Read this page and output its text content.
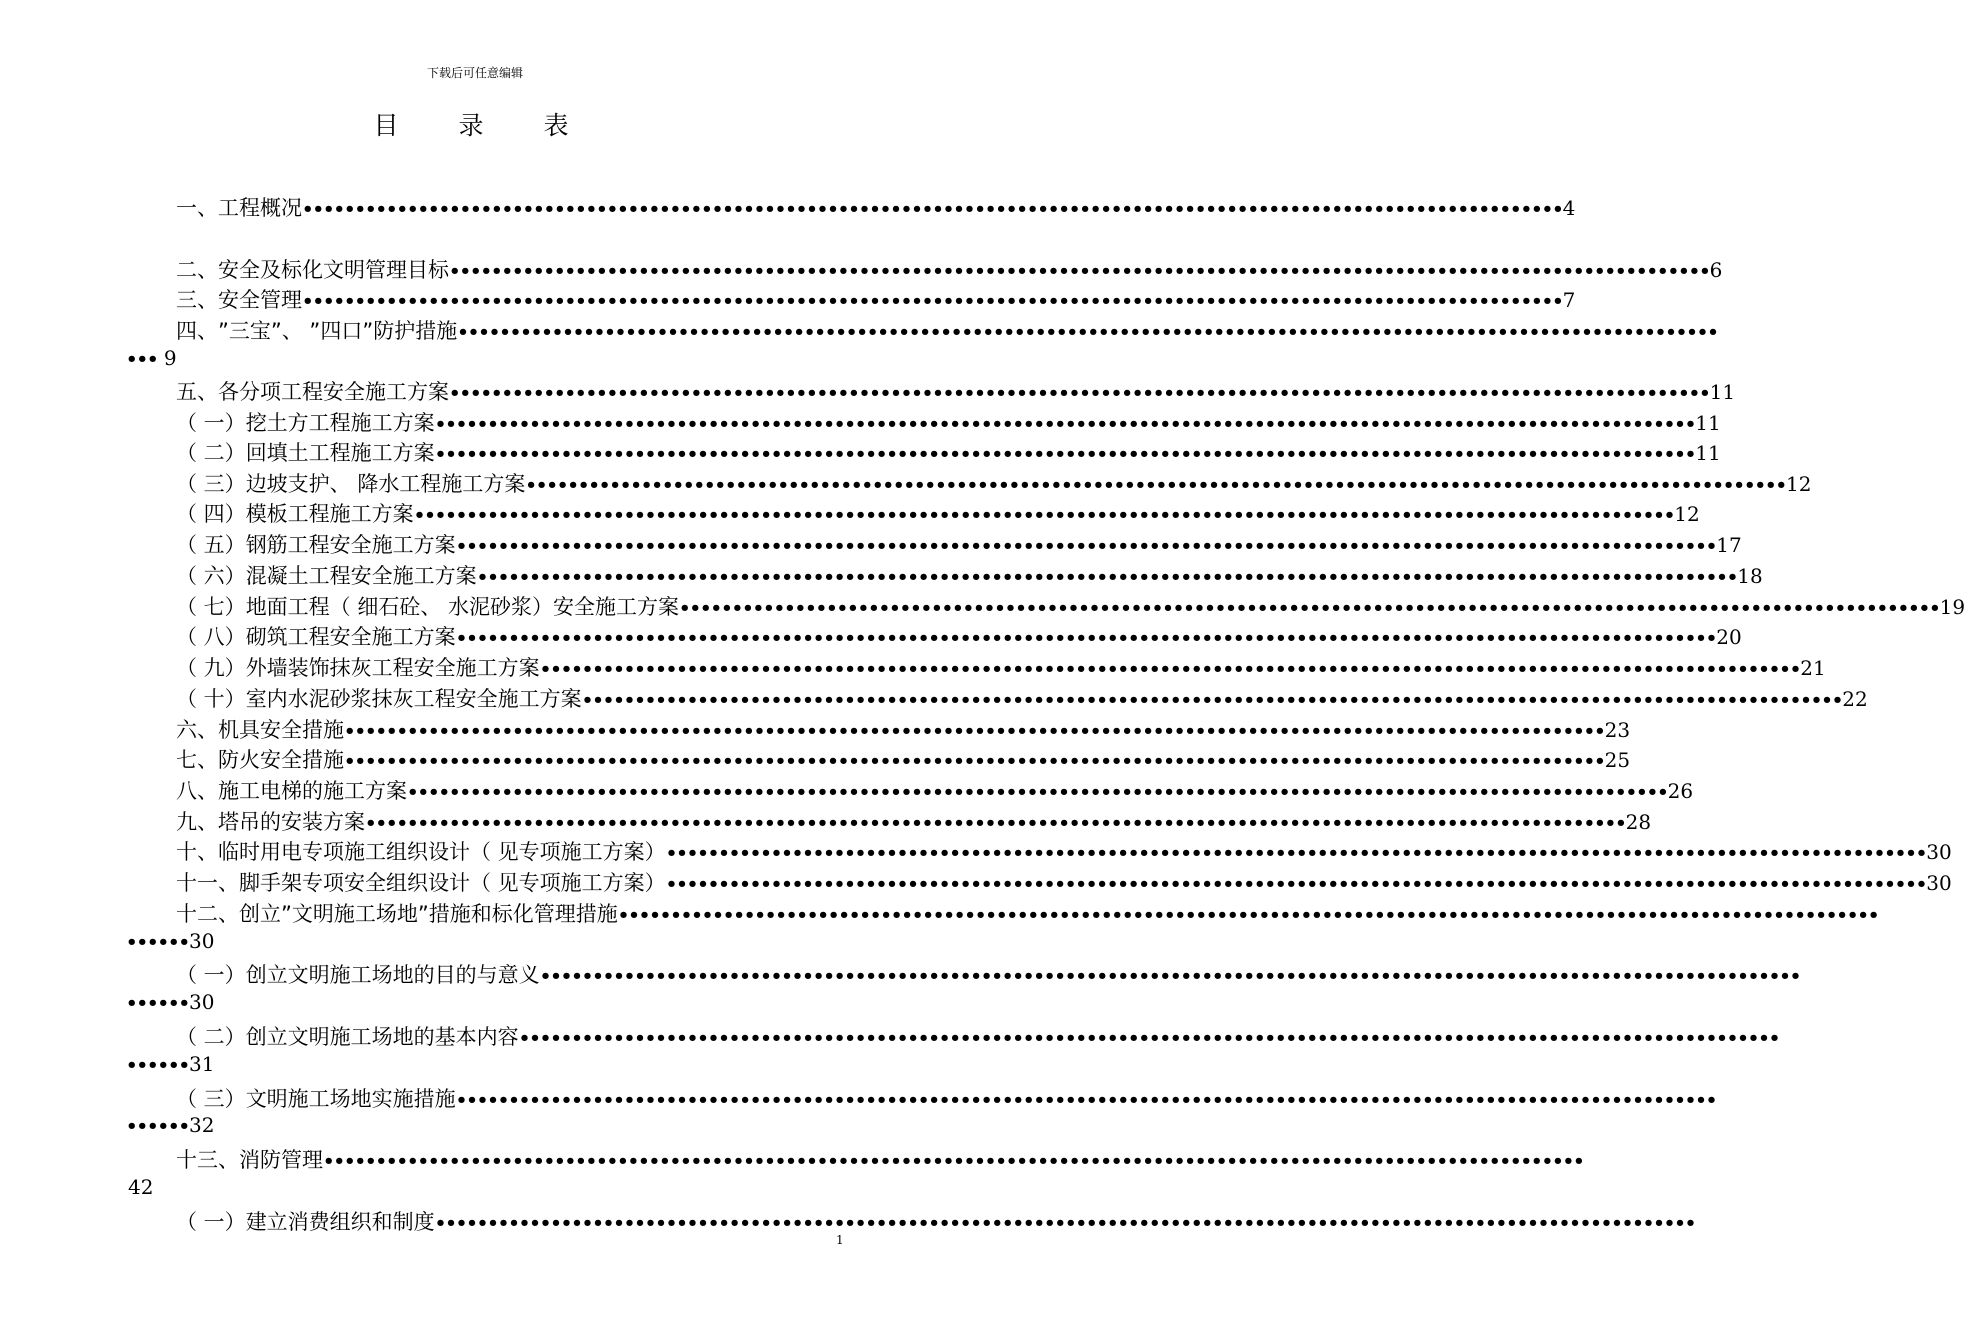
下载后可任意编辑
目 录 表
一、 工程概况 •••••••••••••••••••••••••••••••••••••••••••••••••••••••••••••••••••••••••••••••••••••••••••••••••••••••••••••••••••••••• 4
二、 安全及标化文明管理目标 •••••••••••••••••••••••••••••••••••••••••••••••••••••••••••••••••••••••••••••••••••••••••••••••••••••••••••••••••••••••• 6
三、 安全管理 •••••••••••••••••••••••••••••••••••••••••••••••••••••••••••••••••••••••••••••••••••••••••••••••••••••••••••••••••••••••• 7
四、 ”三宝”、 ”四口”防护措施 ••••••••••••••••••••••••••••••••••••••••••••••••••••••••••••••••••••••••••••••••••••••••••••••••••••••••••••••••••••••••
••• 9
五、 各分项工程安全施工方案 •••••••••••••••••••••••••••••••••••••••••••••••••••••••••••••••••••••••••••••••••••••••••••••••••••••••••••••••••••••••• 11
（ 一） 挖土方工程施工方案 •••••••••••••••••••••••••••••••••••••••••••••••••••••••••••••••••••••••••••••••••••••••••••••••••••••••••••••••••••••••• 11
（ 二） 回填土工程施工方案 •••••••••••••••••••••••••••••••••••••••••••••••••••••••••••••••••••••••••••••••••••••••••••••••••••••••••••••••••••••••• 11
（ 三） 边坡支护、 降水工程施工方案 •••••••••••••••••••••••••••••••••••••••••••••••••••••••••••••••••••••••••••••••••••••••••••••••••••••••••••••••••••••••• 12
（ 四） 模板工程施工方案 •••••••••••••••••••••••••••••••••••••••••••••••••••••••••••••••••••••••••••••••••••••••••••••••••••••••••••••••••••••••• 12
（ 五） 钢筋工程安全施工方案 •••••••••••••••••••••••••••••••••••••••••••••••••••••••••••••••••••••••••••••••••••••••••••••••••••••••••••••••••••••••• 17
（ 六） 混凝土工程安全施工方案 •••••••••••••••••••••••••••••••••••••••••••••••••••••••••••••••••••••••••••••••••••••••••••••••••••••••••••••••••••••••• 18
（ 七） 地面工程（ 细石砼、 水泥砂浆）安全施工方案 •••••••••••••••••••••••••••••••••••••••••••••••••••••••••••••••••••••••••••••••••••••••••••••••••••••••••••••••••••••••• 19
（ 八） 砌筑工程安全施工方案 •••••••••••••••••••••••••••••••••••••••••••••••••••••••••••••••••••••••••••••••••••••••••••••••••••••••••••••••••••••••• 20
（ 九） 外墙装饰抹灰工程安全施工方案 •••••••••••••••••••••••••••••••••••••••••••••••••••••••••••••••••••••••••••••••••••••••••••••••••••••••••••••••••••••••• 21
（ 十） 室内水泥砂浆抹灰工程安全施工方案 •••••••••••••••••••••••••••••••••••••••••••••••••••••••••••••••••••••••••••••••••••••••••••••••••••••••••••••••••••••••• 22
六、 机具安全措施 •••••••••••••••••••••••••••••••••••••••••••••••••••••••••••••••••••••••••••••••••••••••••••••••••••••••••••••••••••••••• 23
七、 防火安全措施 •••••••••••••••••••••••••••••••••••••••••••••••••••••••••••••••••••••••••••••••••••••••••••••••••••••••••••••••••••••••• 25
八、 施工电梯的施工方案 •••••••••••••••••••••••••••••••••••••••••••••••••••••••••••••••••••••••••••••••••••••••••••••••••••••••••••••••••••••••• 26
九、 塔吊的安装方案 •••••••••••••••••••••••••••••••••••••••••••••••••••••••••••••••••••••••••••••••••••••••••••••••••••••••••••••••••••••••• 28
十、 临时用电专项施工组织设计（ 见专项施工方案） •••••••••••••••••••••••••••••••••••••••••••••••••••••••••••••••••••••••••••••••••••••••••••••••••••••••••••••••••••••••• 30
十一、 脚手架专项安全组织设计（ 见专项施工方案） •••••••••••••••••••••••••••••••••••••••••••••••••••••••••••••••••••••••••••••••••••••••••••••••••••••••••••••••••••••••• 30
十二、 创立”文明施工场地”措施和标化管理措施 ••••••••••••••••••••••••••••••••••••••••••••••••••••••••••••••••••••••••••••••••••••••••••••••••••••••••••••••••••••••••
••••••30
（ 一） 创立文明施工场地的目的与意义 ••••••••••••••••••••••••••••••••••••••••••••••••••••••••••••••••••••••••••••••••••••••••••••••••••••••••••••••••••••••••
••••••30
（ 二） 创立文明施工场地的基本内容 ••••••••••••••••••••••••••••••••••••••••••••••••••••••••••••••••••••••••••••••••••••••••••••••••••••••••••••••••••••••••
••••••31
（ 三） 文明施工场地实施措施 ••••••••••••••••••••••••••••••••••••••••••••••••••••••••••••••••••••••••••••••••••••••••••••••••••••••••••••••••••••••••
••••••32
十三、 消防管理 ••••••••••••••••••••••••••••••••••••••••••••••••••••••••••••••••••••••••••••••••••••••••••••••••••••••••••••••••••••••••
42
（ 一） 建立消费组织和制度 ••••••••••••••••••••••••••••••••••••••••••••••••••••••••••••••••••••••••••••••••••••••••••••••••••••••••••••••••••••••••
1
